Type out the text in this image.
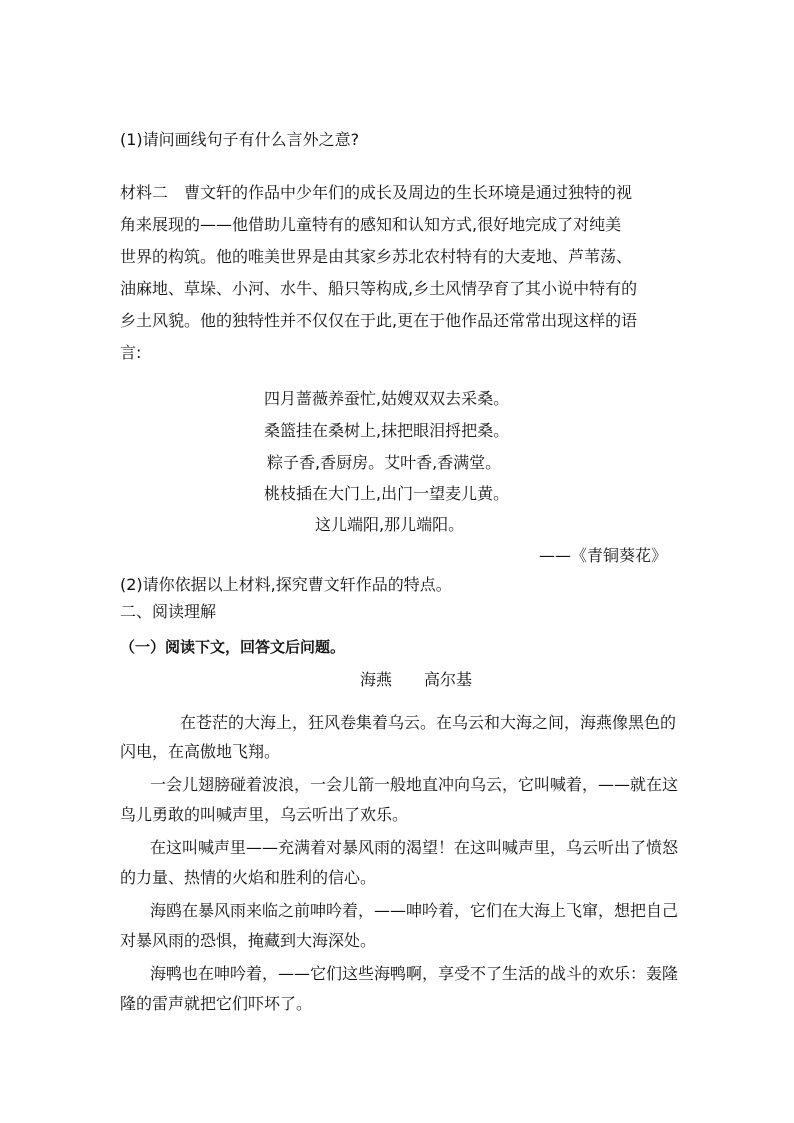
(1)请问画线句子有什么言外之意?
材料二　曹文轩的作品中少年们的成长及周边的生长环境是通过独特的视
角来展现的——他借助儿童特有的感知和认知方式,很好地完成了对纯美
世界的构筑。他的唯美世界是由其家乡苏北农村特有的大麦地、芦苇荡、
油麻地、草垛、小河、水牛、船只等构成,乡土风情孕育了其小说中特有的
乡土风貌。他的独特性并不仅仅在于此,更在于他作品还常常出现这样的语
言:
四月蔷薇养蚕忙,姑嫂双双去采桑。
桑篮挂在桑树上,抹把眼泪捋把桑。
粽子香,香厨房。艾叶香,香满堂。
桃枝插在大门上,出门一望麦儿黄。
这儿端阳,那儿端阳。
——《青铜葵花》
(2)请你依据以上材料,探究曹文轩作品的特点。
二、阅读理解
（一）阅读下文，回答文后问题。
海燕　　高尔基
在苍茫的大海上，狂风卷集着乌云。在乌云和大海之间，海燕像黑色的
闪电，在高傲地飞翔。
一会儿翅膀碰着波浪，一会儿箭一般地直冲向乌云，它叫喊着，——就在这
鸟儿勇敢的叫喊声里，乌云听出了欢乐。
在这叫喊声里——充满着对暴风雨的渴望！在这叫喊声里，乌云听出了愤怒
的力量、热情的火焰和胜利的信心。
海鸥在暴风雨来临之前呻吟着，——呻吟着，它们在大海上飞窜，想把自己
对暴风雨的恐惧，掩藏到大海深处。
海鸭也在呻吟着，——它们这些海鸭啊，享受不了生活的战斗的欢乐：轰隆
隆的雷声就把它们吓坏了。
